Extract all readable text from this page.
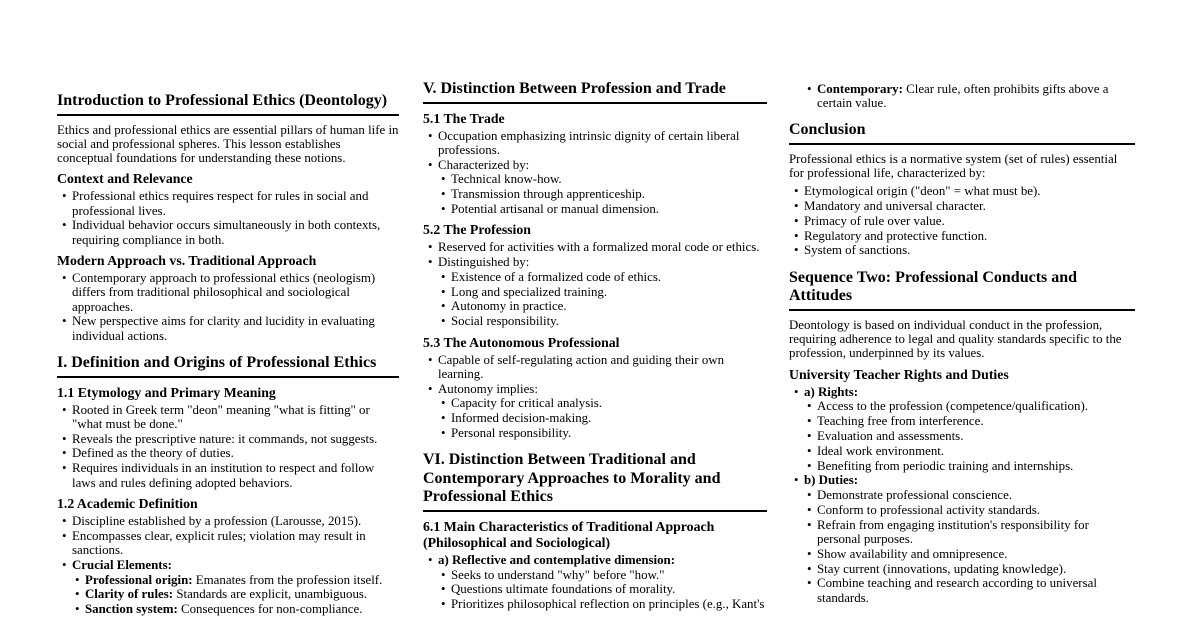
Introduction to Professional Ethics (Deontology)
Ethics and professional ethics are essential pillars of human life in social and professional spheres. This lesson establishes conceptual foundations for understanding these notions.
Context and Relevance
• Professional ethics requires respect for rules in social and professional lives.
• Individual behavior occurs simultaneously in both contexts, requiring compliance in both.
Modern Approach vs. Traditional Approach
• Contemporary approach to professional ethics (neologism) differs from traditional philosophical and sociological approaches.
• New perspective aims for clarity and lucidity in evaluating individual actions.
I. Definition and Origins of Professional Ethics
1.1 Etymology and Primary Meaning
• Rooted in Greek term "deon" meaning "what is fitting" or "what must be done."
• Reveals the prescriptive nature: it commands, not suggests.
• Defined as the theory of duties.
• Requires individuals in an institution to respect and follow laws and rules defining adopted behaviors.
1.2 Academic Definition
• Discipline established by a profession (Larousse, 2015).
• Encompasses clear, explicit rules; violation may result in sanctions.
• Crucial Elements:
• Professional origin: Emanates from the profession itself.
• Clarity of rules: Standards are explicit, unambiguous.
• Sanction system: Consequences for non-compliance.
V. Distinction Between Profession and Trade
5.1 The Trade
• Occupation emphasizing intrinsic dignity of certain liberal professions.
• Characterized by:
• Technical know-how.
• Transmission through apprenticeship.
• Potential artisanal or manual dimension.
5.2 The Profession
• Reserved for activities with a formalized moral code or ethics.
• Distinguished by:
• Existence of a formalized code of ethics.
• Long and specialized training.
• Autonomy in practice.
• Social responsibility.
5.3 The Autonomous Professional
• Capable of self-regulating action and guiding their own learning.
• Autonomy implies:
• Capacity for critical analysis.
• Informed decision-making.
• Personal responsibility.
VI. Distinction Between Traditional and Contemporary Approaches to Morality and Professional Ethics
6.1 Main Characteristics of Traditional Approach (Philosophical and Sociological)
• a) Reflective and contemplative dimension:
• Seeks to understand "why" before "how."
• Questions ultimate foundations of morality.
• Prioritizes philosophical reflection on principles (e.g., Kant's
• Contemporary: Clear rule, often prohibits gifts above a certain value.
Conclusion
Professional ethics is a normative system (set of rules) essential for professional life, characterized by:
• Etymological origin ("deon" = what must be).
• Mandatory and universal character.
• Primacy of rule over value.
• Regulatory and protective function.
• System of sanctions.
Sequence Two: Professional Conducts and Attitudes
Deontology is based on individual conduct in the profession, requiring adherence to legal and quality standards specific to the profession, underpinned by its values.
University Teacher Rights and Duties
• a) Rights:
• Access to the profession (competence/qualification).
• Teaching free from interference.
• Evaluation and assessments.
• Ideal work environment.
• Benefiting from periodic training and internships.
• b) Duties:
• Demonstrate professional conscience.
• Conform to professional activity standards.
• Refrain from engaging institution's responsibility for personal purposes.
• Show availability and omnipresence.
• Stay current (innovations, updating knowledge).
• Combine teaching and research according to universal standards.
